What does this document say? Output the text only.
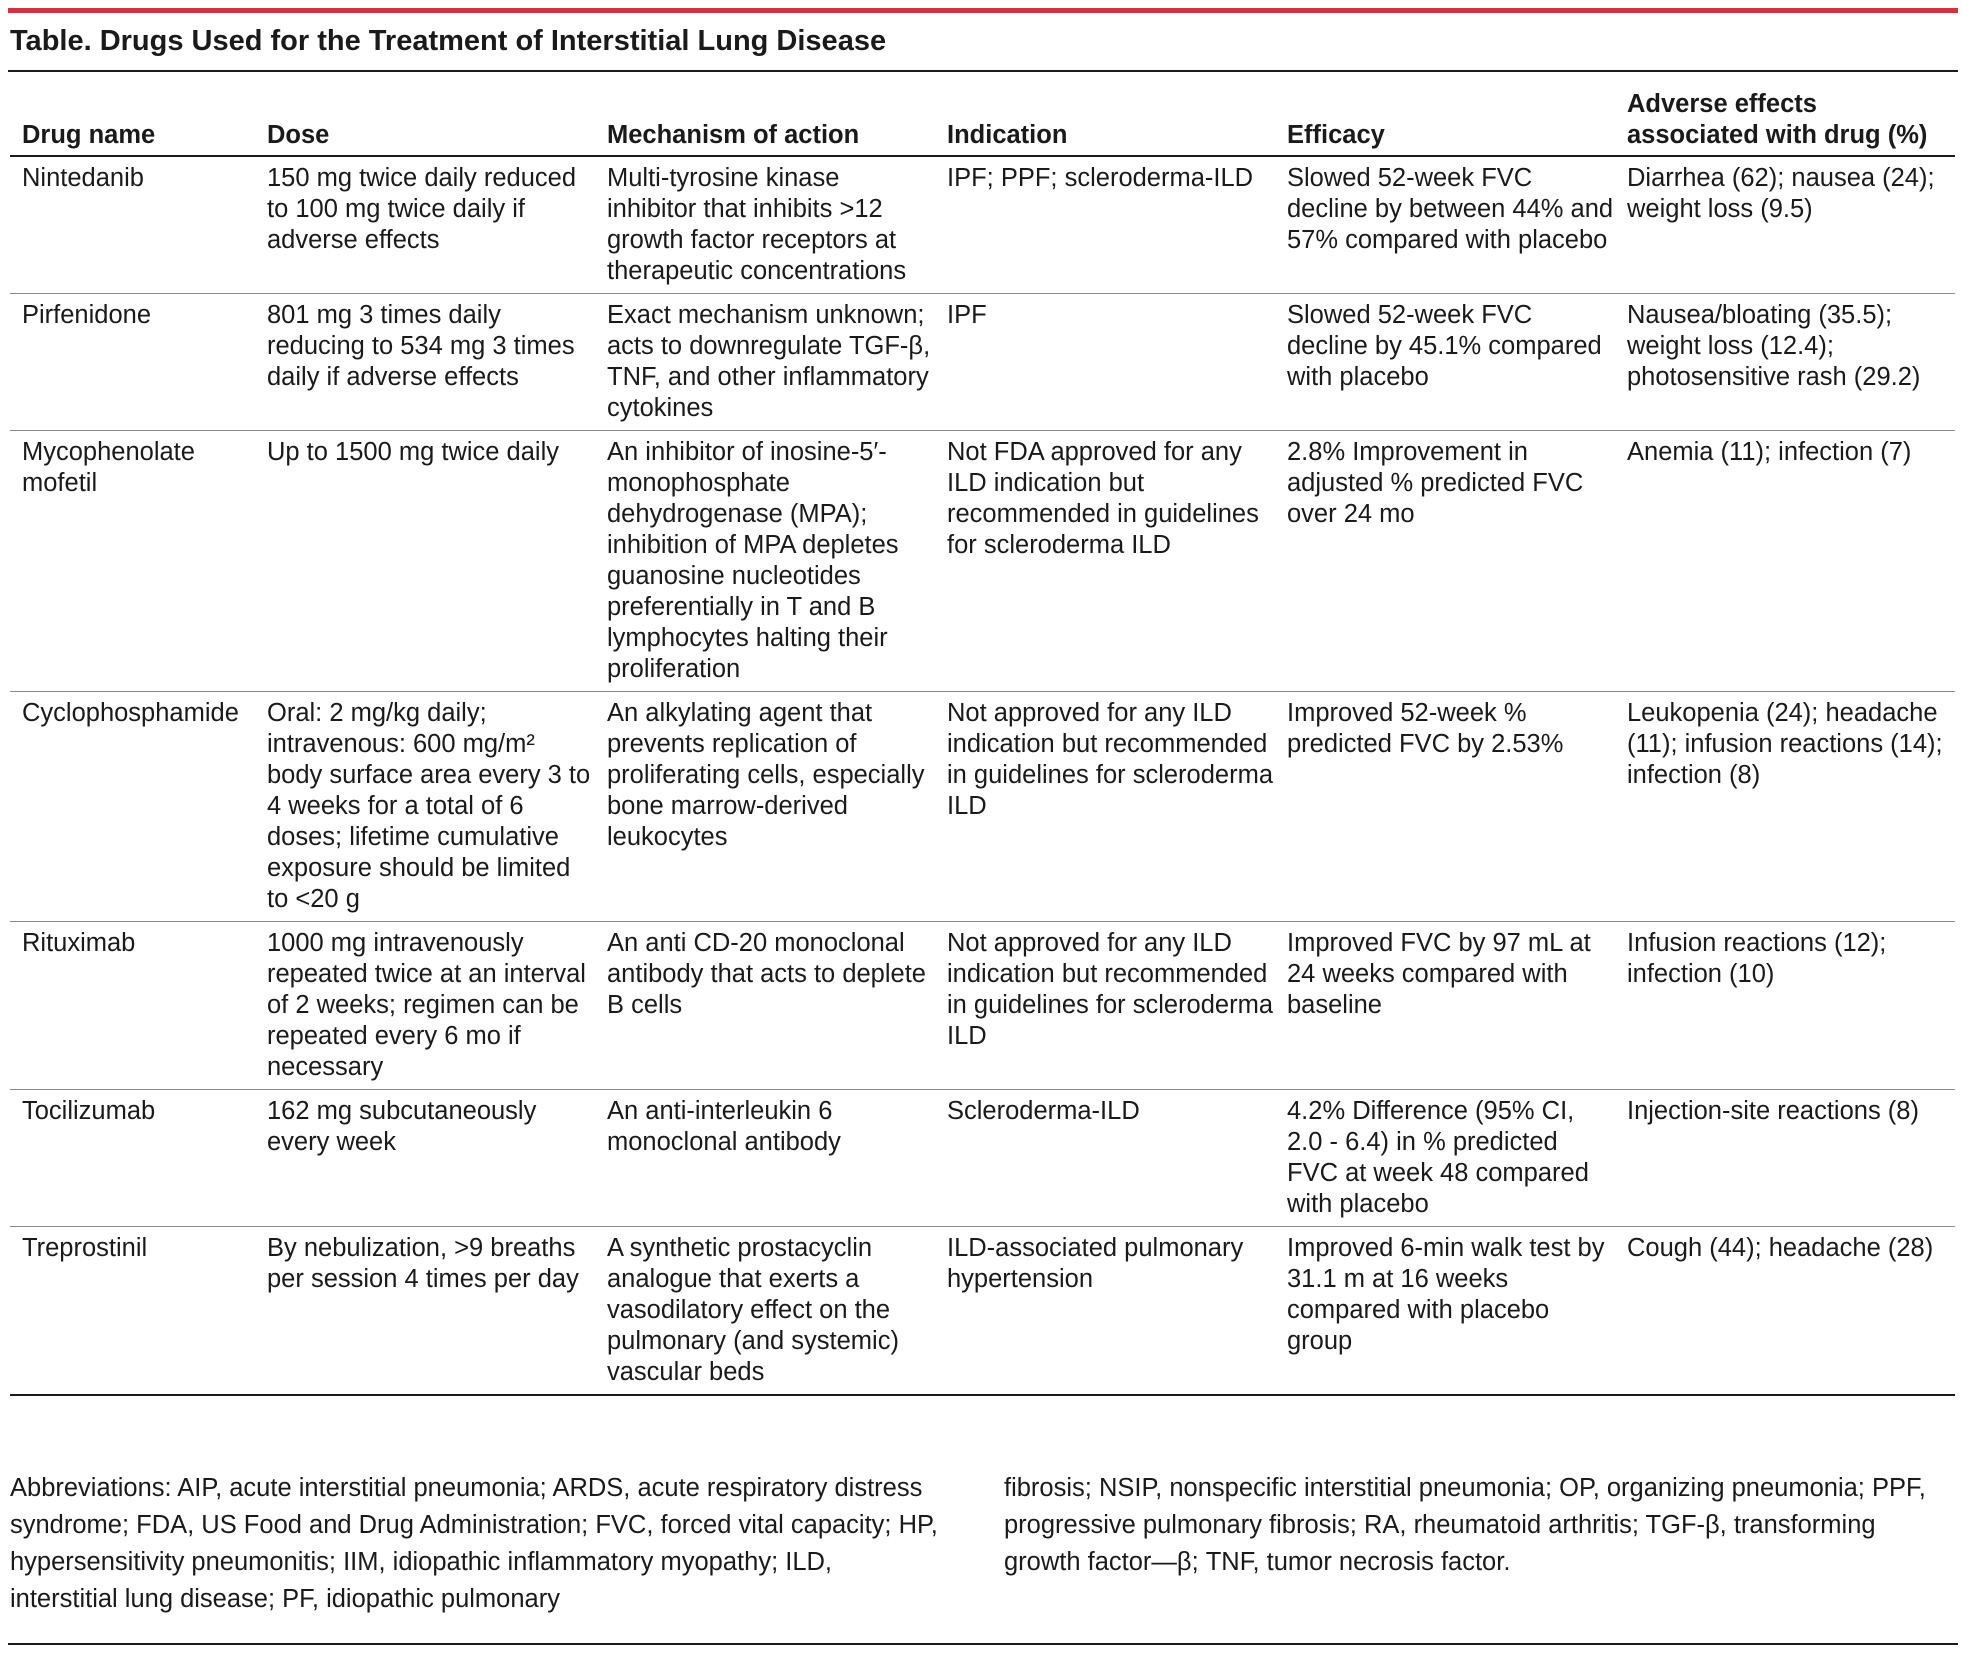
Table. Drugs Used for the Treatment of Interstitial Lung Disease
Drug name	Dose	Mechanism of action	Indication	Efficacy	Adverse effects associated with drug (%)
Nintedanib	150 mg twice daily reduced to 100 mg twice daily if adverse effects	Multi-tyrosine kinase inhibitor that inhibits >12 growth factor receptors at therapeutic concentrations	IPF; PPF; scleroderma-ILD	Slowed 52-week FVC decline by between 44% and 57% compared with placebo	Diarrhea (62); nausea (24); weight loss (9.5)
Pirfenidone	801 mg 3 times daily reducing to 534 mg 3 times daily if adverse effects	Exact mechanism unknown; acts to downregulate TGF-β, TNF, and other inflammatory cytokines	IPF	Slowed 52-week FVC decline by 45.1% compared with placebo	Nausea/bloating (35.5); weight loss (12.4); photosensitive rash (29.2)
Mycophenolate mofetil	Up to 1500 mg twice daily	An inhibitor of inosine-5′-monophosphate dehydrogenase (MPA); inhibition of MPA depletes guanosine nucleotides preferentially in T and B lymphocytes halting their proliferation	Not FDA approved for any ILD indication but recommended in guidelines for scleroderma ILD	2.8% Improvement in adjusted % predicted FVC over 24 mo	Anemia (11); infection (7)
Cyclophosphamide	Oral: 2 mg/kg daily; intravenous: 600 mg/m² body surface area every 3 to 4 weeks for a total of 6 doses; lifetime cumulative exposure should be limited to <20 g	An alkylating agent that prevents replication of proliferating cells, especially bone marrow-derived leukocytes	Not approved for any ILD indication but recommended in guidelines for scleroderma ILD	Improved 52-week % predicted FVC by 2.53%	Leukopenia (24); headache (11); infusion reactions (14); infection (8)
Rituximab	1000 mg intravenously repeated twice at an interval of 2 weeks; regimen can be repeated every 6 mo if necessary	An anti CD-20 monoclonal antibody that acts to deplete B cells	Not approved for any ILD indication but recommended in guidelines for scleroderma ILD	Improved FVC by 97 mL at 24 weeks compared with baseline	Infusion reactions (12); infection (10)
Tocilizumab	162 mg subcutaneously every week	An anti-interleukin 6 monoclonal antibody	Scleroderma-ILD	4.2% Difference (95% CI, 2.0 - 6.4) in % predicted FVC at week 48 compared with placebo	Injection-site reactions (8)
Treprostinil	By nebulization, >9 breaths per session 4 times per day	A synthetic prostacyclin analogue that exerts a vasodilatory effect on the pulmonary (and systemic) vascular beds	ILD-associated pulmonary hypertension	Improved 6-min walk test by 31.1 m at 16 weeks compared with placebo group	Cough (44); headache (28)
Abbreviations: AIP, acute interstitial pneumonia; ARDS, acute respiratory distress syndrome; FDA, US Food and Drug Administration; FVC, forced vital capacity; HP, hypersensitivity pneumonitis; IIM, idiopathic inflammatory myopathy; ILD, interstitial lung disease; PF, idiopathic pulmonary
fibrosis; NSIP, nonspecific interstitial pneumonia; OP, organizing pneumonia; PPF, progressive pulmonary fibrosis; RA, rheumatoid arthritis; TGF-β, transforming growth factor—β; TNF, tumor necrosis factor.
